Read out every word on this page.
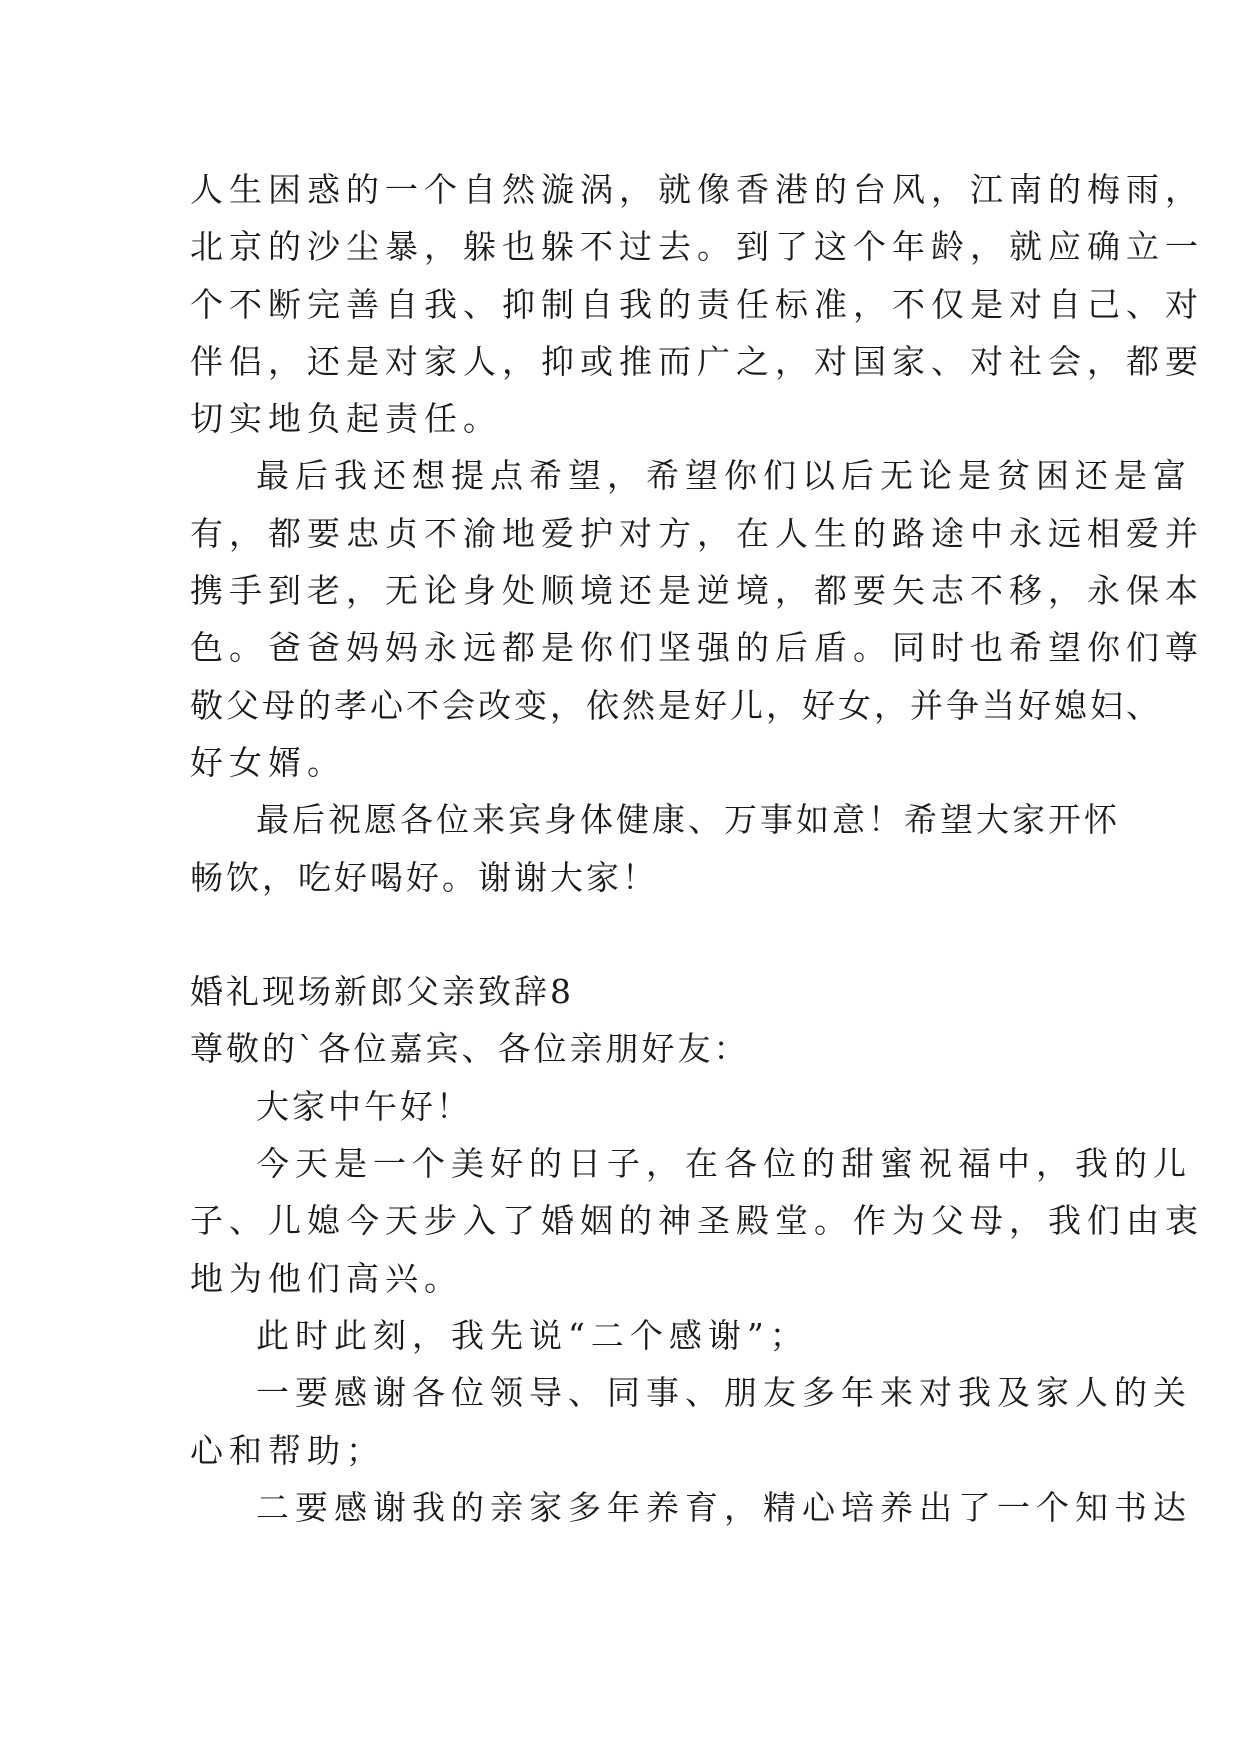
人生困惑的一个自然漩涡，就像香港的台风，江南的梅雨，
北京的沙尘暴，躲也躲不过去。到了这个年龄，就应确立一
个不断完善自我、抑制自我的责任标准，不仅是对自己、对
伴侣，还是对家人，抑或推而广之，对国家、对社会，都要
切实地负起责任。
最后我还想提点希望，希望你们以后无论是贫困还是富
有，都要忠贞不渝地爱护对方，在人生的路途中永远相爱并
携手到老，无论身处顺境还是逆境，都要矢志不移，永保本
色。爸爸妈妈永远都是你们坚强的后盾。同时也希望你们尊
敬父母的孝心不会改变，依然是好儿，好女，并争当好媳妇、
好女婿。
最后祝愿各位来宾身体健康、万事如意！希望大家开怀
畅饮，吃好喝好。谢谢大家！
婚礼现场新郎父亲致辞8
尊敬的`各位嘉宾、各位亲朋好友：
大家中午好！
今天是一个美好的日子，在各位的甜蜜祝福中，我的儿
子、儿媳今天步入了婚姻的神圣殿堂。作为父母，我们由衷
地为他们高兴。
此时此刻，我先说“二个感谢”；
一要感谢各位领导、同事、朋友多年来对我及家人的关
心和帮助；
二要感谢我的亲家多年养育，精心培养出了一个知书达
